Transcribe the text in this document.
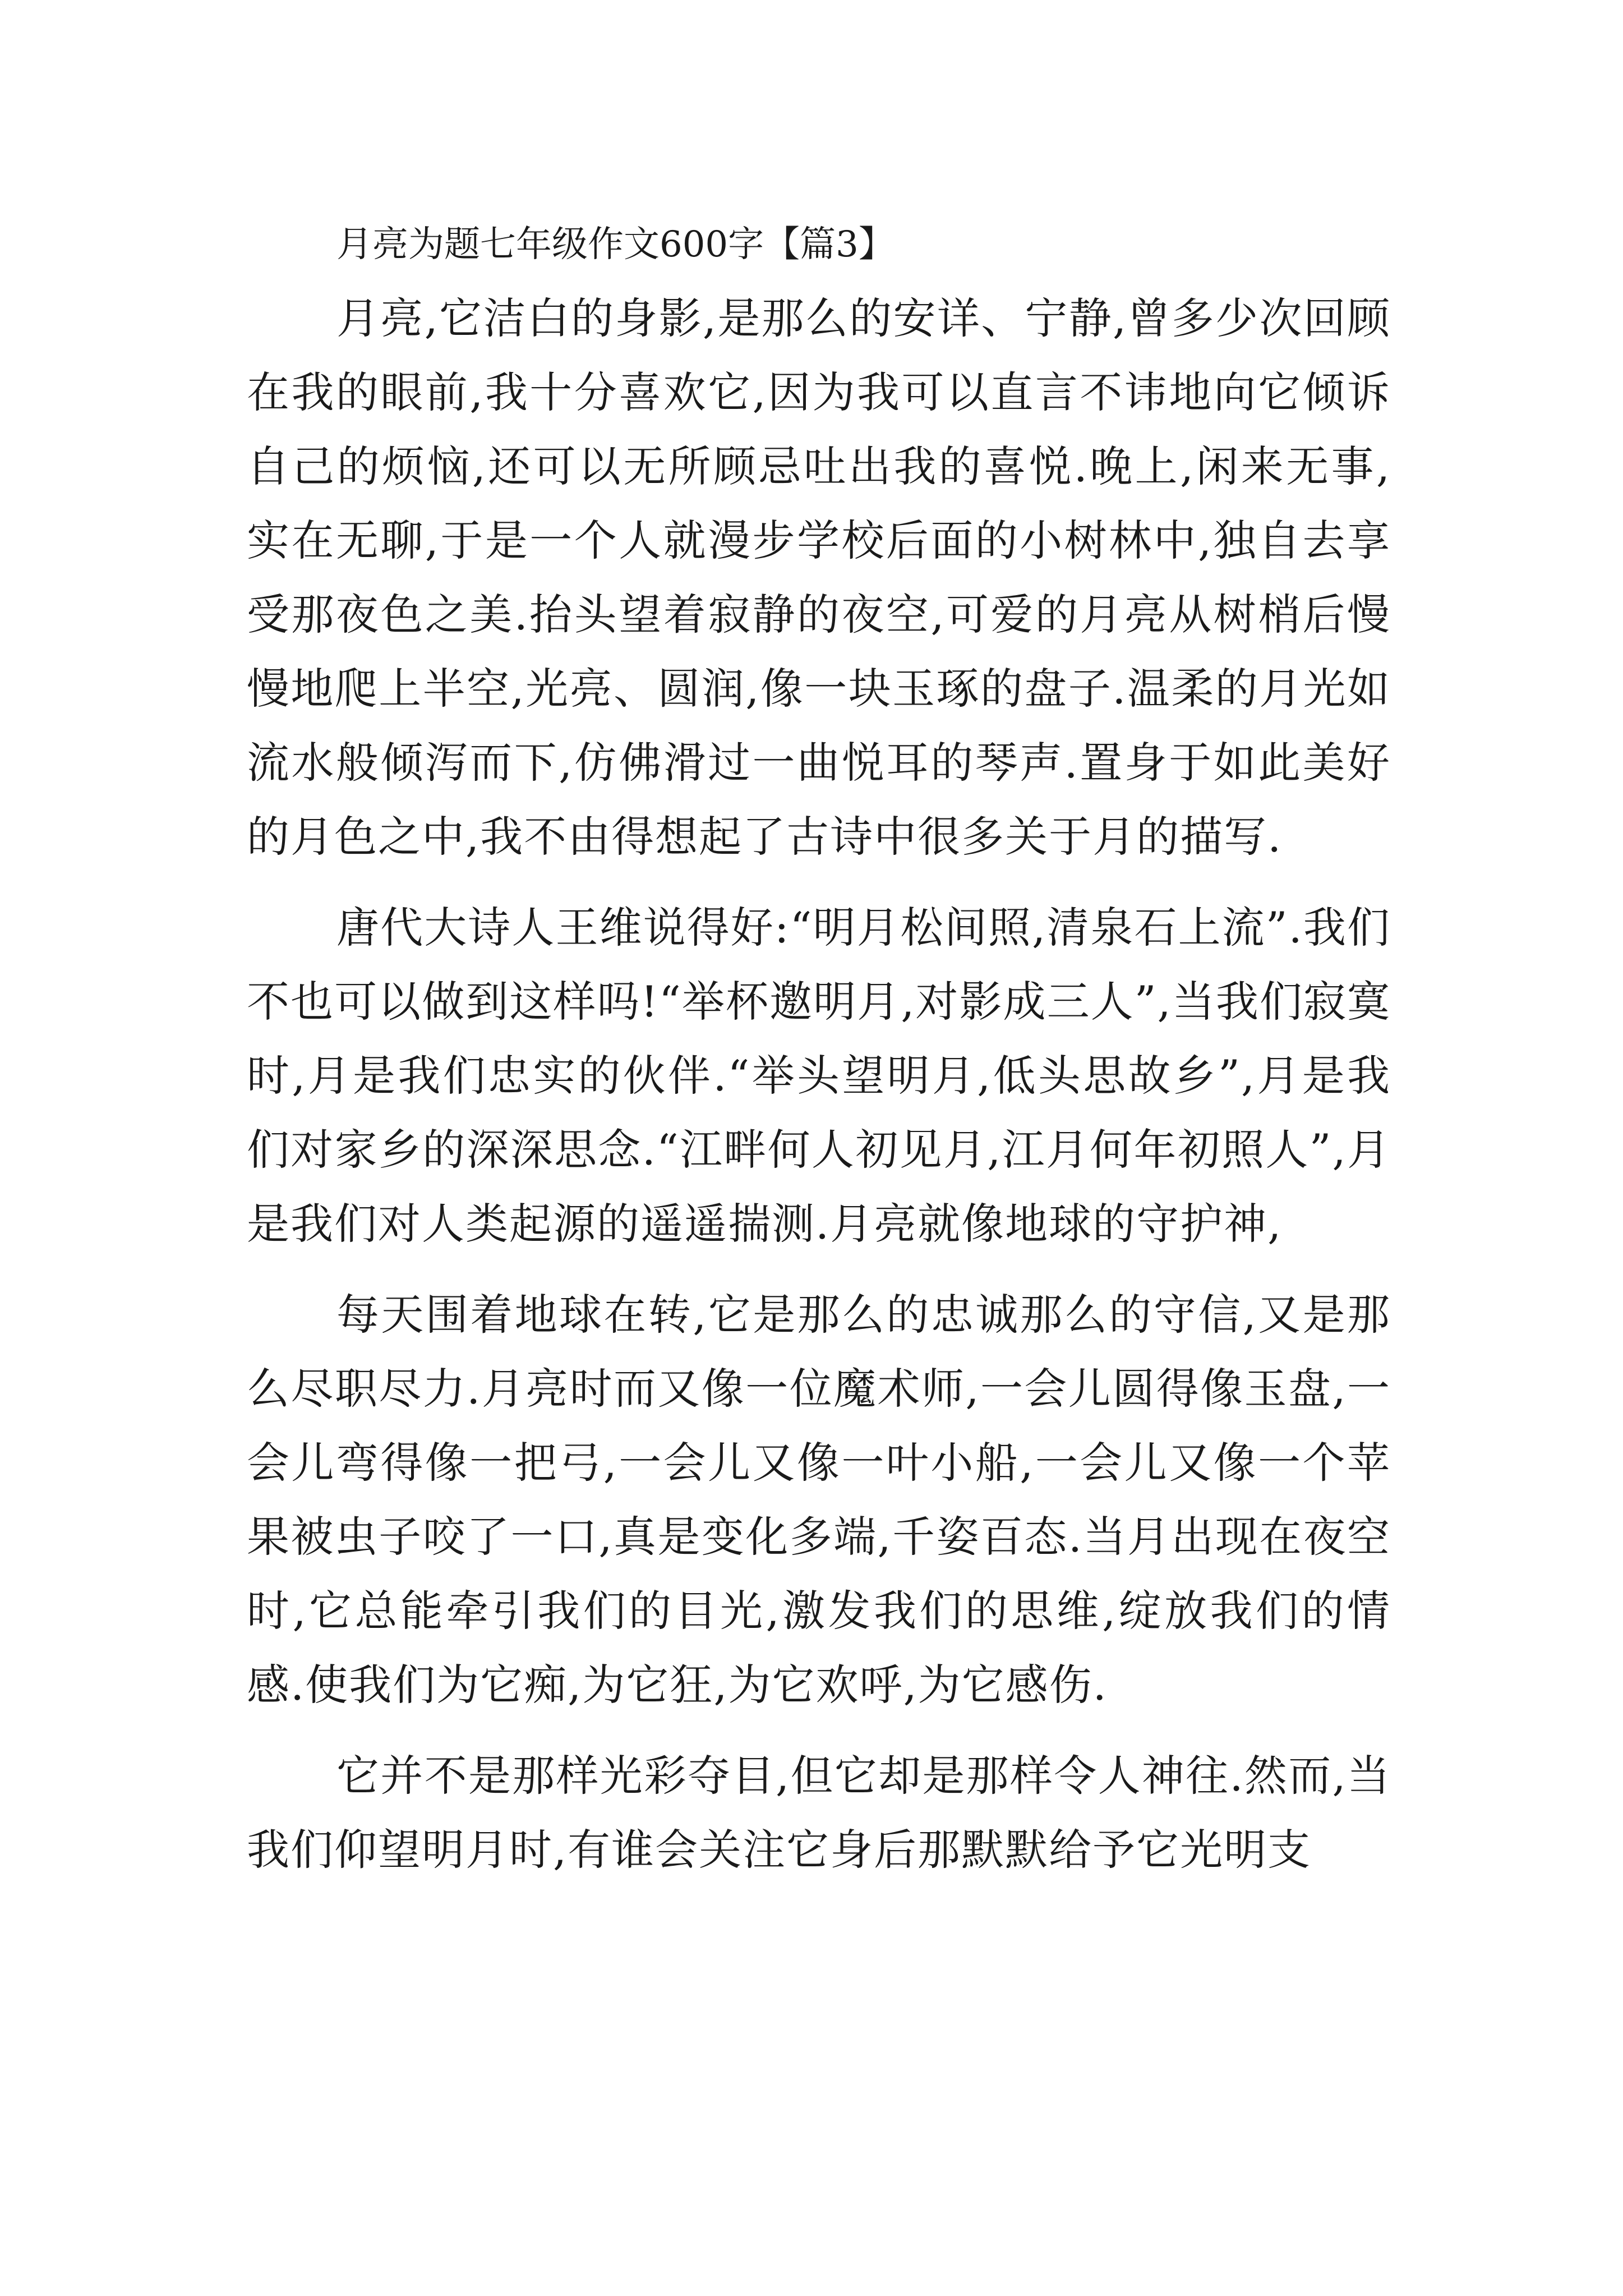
月亮为题七年级作文600字【篇3】

月亮,它洁白的身影,是那么的安详、宁静,曾多少次回顾在我的眼前,我十分喜欢它,因为我可以直言不讳地向它倾诉自己的烦恼,还可以无所顾忌吐出我的喜悦.晚上,闲来无事,实在无聊,于是一个人就漫步学校后面的小树林中,独自去享受那夜色之美.抬头望着寂静的夜空,可爱的月亮从树梢后慢慢地爬上半空,光亮、圆润,像一块玉琢的盘子.温柔的月光如流水般倾泻而下,仿佛滑过一曲悦耳的琴声.置身于如此美好的月色之中,我不由得想起了古诗中很多关于月的描写.

唐代大诗人王维说得好:“明月松间照,清泉石上流”.我们不也可以做到这样吗!“举杯邀明月,对影成三人”,当我们寂寞时,月是我们忠实的伙伴.“举头望明月,低头思故乡”,月是我们对家乡的深深思念.“江畔何人初见月,江月何年初照人”,月是我们对人类起源的遥遥揣测.月亮就像地球的守护神,

每天围着地球在转,它是那么的忠诚那么的守信,又是那么尽职尽力.月亮时而又像一位魔术师,一会儿圆得像玉盘,一会儿弯得像一把弓,一会儿又像一叶小船,一会儿又像一个苹果被虫子咬了一口,真是变化多端,千姿百态.当月出现在夜空时,它总能牵引我们的目光,激发我们的思维,绽放我们的情感.使我们为它痴,为它狂,为它欢呼,为它感伤.

它并不是那样光彩夺目,但它却是那样令人神往.然而,当我们仰望明月时,有谁会关注它身后那默默给予它光明支
